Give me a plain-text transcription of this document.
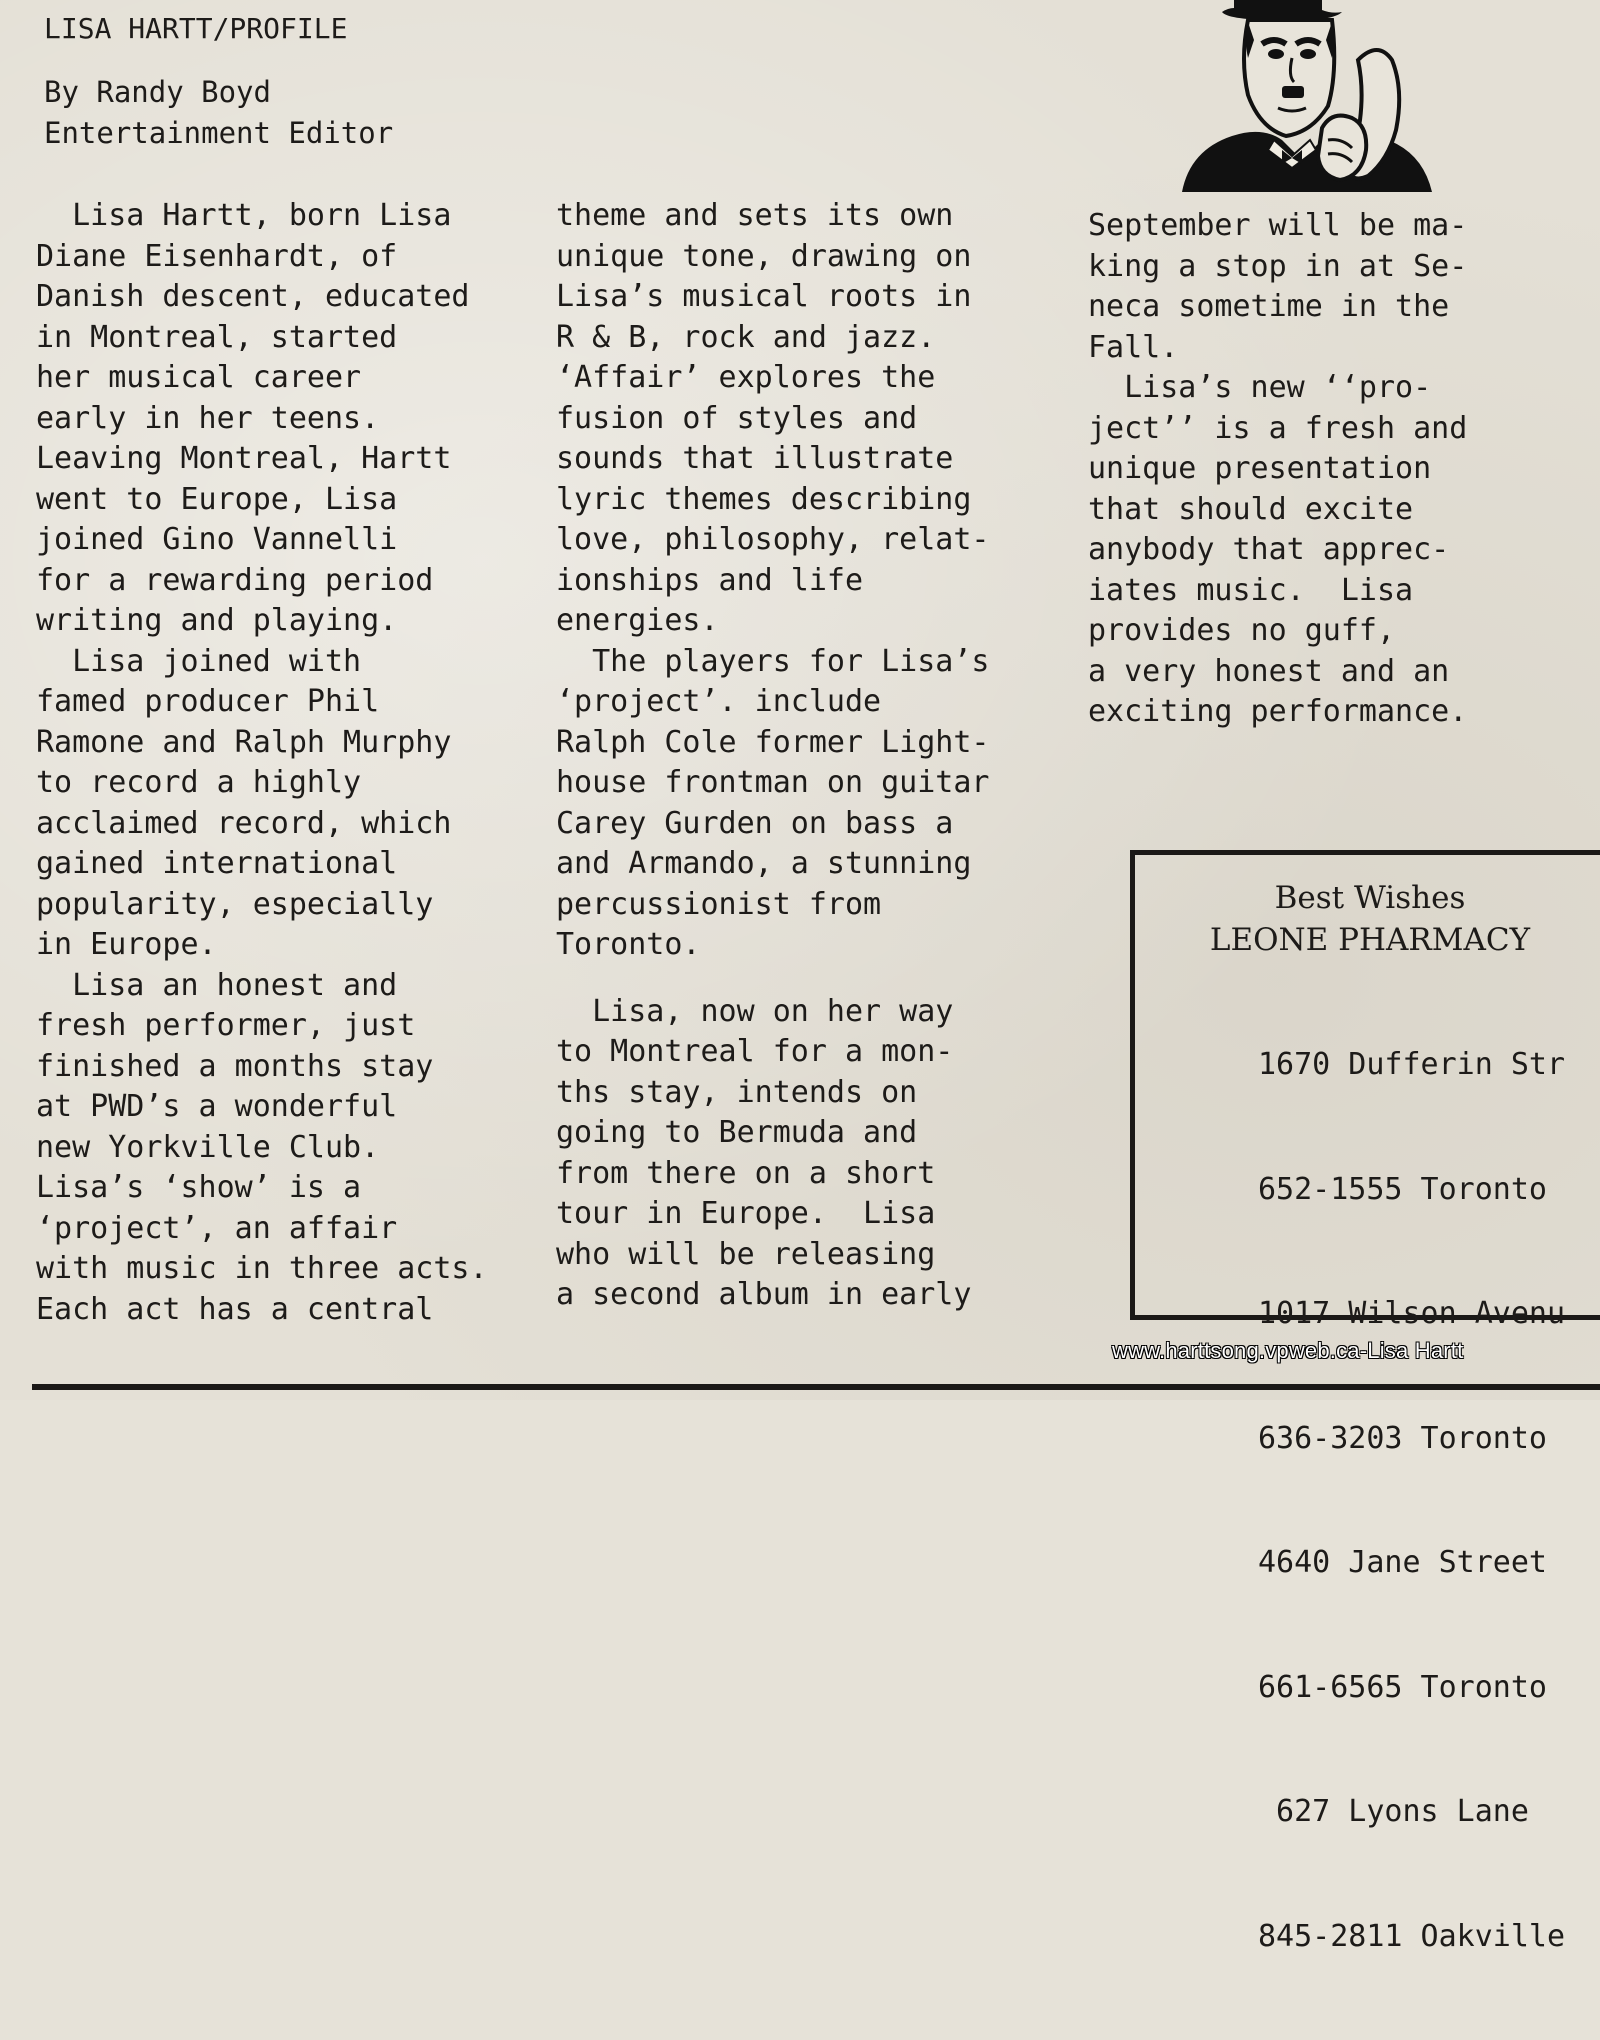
LISA HARTT/PROFILE
By Randy Boyd
Entertainment Editor

Lisa Hartt, born Lisa

Diane Eisenhardt, of

Danish descent, educated

in Montreal, started

her musical career

early in her teens.

Leaving Montreal, Hartt

went to Europe, Lisa

joined Gino Vannelli

for a rewarding period

writing and playing.

Lisa joined with

famed producer Phil

Ramone and Ralph Murphy

to record a highly

acclaimed record, which

gained international

popularity, especially

in Europe.

Lisa an honest and

fresh performer, just

finished a months stay

at PWD’s a wonderful

new Yorkville Club.

Lisa’s ‘show’ is a

‘project’, an affair

with music in three acts.

Each act has a central

theme and sets its own

unique tone, drawing on

Lisa’s musical roots in

R & B, rock and jazz.

‘Affair’ explores the

fusion of styles and

sounds that illustrate

lyric themes describing

love, philosophy, relat-

ionships and life

energies.

The players for Lisa’s

‘project’. include

Ralph Cole former Light-

house frontman on guitar

Carey Gurden on bass a

and Armando, a stunning

percussionist from

Toronto.

Lisa, now on her way

to Montreal for a mon-

ths stay, intends on

going to Bermuda and

from there on a short

tour in Europe.  Lisa

who will be releasing

a second album in early

September will be ma-

king a stop in at Se-

neca sometime in the

Fall.

Lisa’s new ‘‘pro-

ject’’ is a fresh and

unique presentation

that should excite

anybody that apprec-

iates music.  Lisa

provides no guff,

a very honest and an

exciting performance.

Best Wishes
LEONE PHARMACY

1670 Dufferin Str

652-1555 Toronto

1017 Wilson Avenu

636-3203 Toronto

4640 Jane Street

661-6565 Toronto

627 Lyons Lane

845-2811 Oakville

www.harttsong.vpweb.ca-Lisa Hartt
